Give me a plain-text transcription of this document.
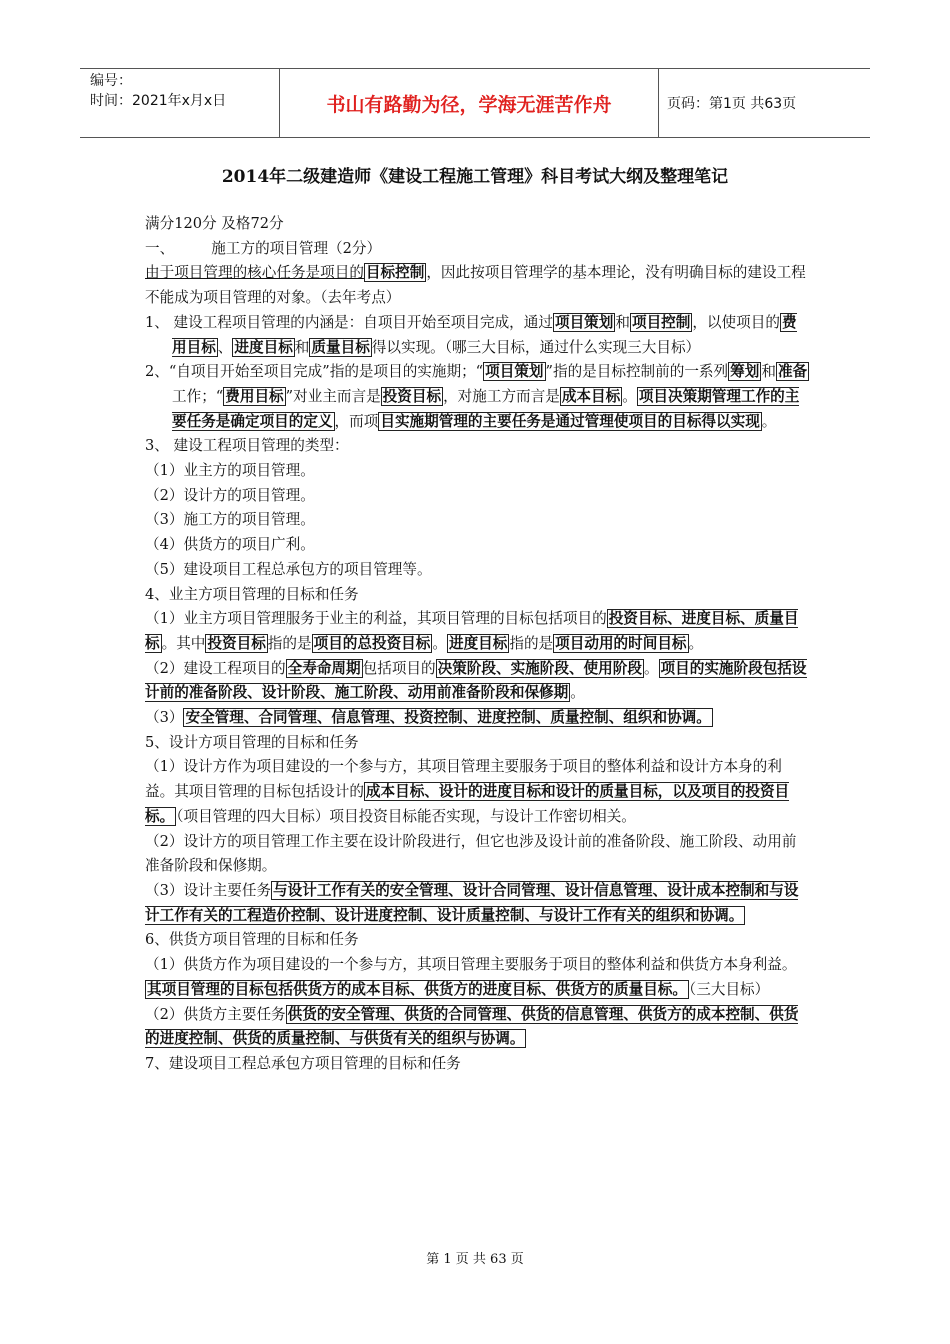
编号：
时间：2021年x月x日	书山有路勤为径，学海无涯苦作舟	页码：第1页 共63页
2014年二级建造师《建设工程施工管理》科目考试大纲及整理笔记

满分120分 及格72分

一、        施工方的项目管理（2分）

由于项目管理的核心任务是项目的 目标控制 ，因此按项目管理学的基本理论，没有明确目标的建设工程不能成为项目管理的对象。（去年考点）

1、 建设工程项目管理的内涵是：自项目开始至项目完成，通过 项目策划 和 项目控制 ，以使项目的 费用目标 、 进度目标 和 质量目标 得以实现。（哪三大目标，通过什么实现三大目标）

2、“自项目开始至项目完成”指的是项目的实施期；“ 项目策划 ”指的是目标控制前的一系列 筹划 和 准备工作；“ 费用目标 ”对业主而言是 投资目标 ，对施工方而言是 成本目标 。 项目决策期管理工作的主要任务是确定项目的定义 ，而项 目实施期管理的主要任务是通过管理使项目的目标得以实现 。

3、 建设工程项目管理的类型：

（1）业主方的项目管理。

（2）设计方的项目管理。

（3）施工方的项目管理。

（4）供货方的项目广利。

（5）建设项目工程总承包方的项目管理等。

4、业主方项目管理的目标和任务

（1）业主方项目管理服务于业主的利益，其项目管理的目标包括项目的 投资目标、进度目标、质量目标 。其中 投资目标 指的是 项目的总投资目标 。 进度目标 指的是 项目动用的时间目标 。

（2）建设工程项目的 全寿命周期 包括项目的 决策阶段、实施阶段、使用阶段 。 项目的实施阶段包括设计前的准备阶段、设计阶段、施工阶段、动用前准备阶段和保修期 。

（3） 安全管理、合同管理、信息管理、投资控制、进度控制、质量控制、组织和协调。

5、设计方项目管理的目标和任务

（1）设计方作为项目建设的一个参与方，其项目管理主要服务于项目的整体利益和设计方本身的利益。其项目管理的目标包括设计的 成本目标、设计的进度目标和设计的质量目标，以及项目的投资目标。 （项目管理的四大目标）项目投资目标能否实现，与设计工作密切相关。

（2）设计方的项目管理工作主要在设计阶段进行，但它也涉及设计前的准备阶段、施工阶段、动用前准备阶段和保修期。

（3）设计主要任务 与设计工作有关的安全管理、设计合同管理、设计信息管理、设计成本控制和与设计工作有关的工程造价控制、设计进度控制、设计质量控制、与设计工作有关的组织和协调。

6、供货方项目管理的目标和任务

（1）供货方作为项目建设的一个参与方，其项目管理主要服务于项目的整体利益和供货方本身利益。其项目管理的目标包括供货方的成本目标、供货方的进度目标、供货方的质量目标。 （三大目标）

（2）供货方主要任务 供货的安全管理、供货的合同管理、供货的信息管理、供货方的成本控制、供货的进度控制、供货的质量控制、与供货有关的组织与协调。

7、建设项目工程总承包方项目管理的目标和任务

第 1 页 共 63 页
